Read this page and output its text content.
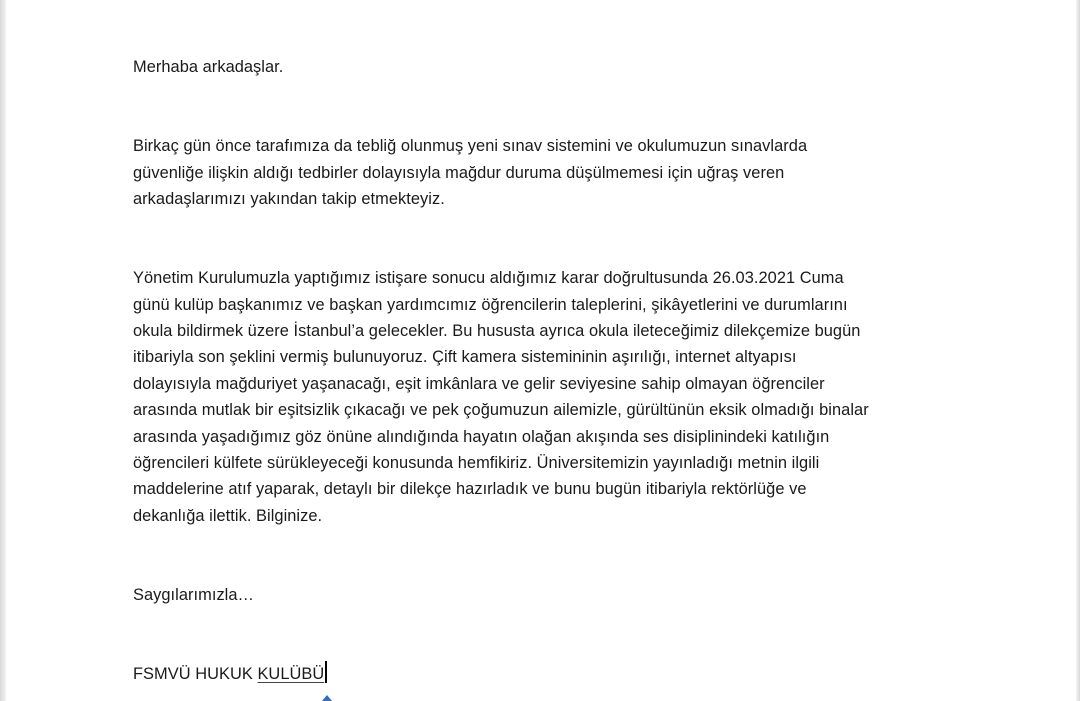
Merhaba arkadaşlar.

Birkaç gün önce tarafımıza da tebliğ olunmuş yeni sınav sistemini ve okulumuzun sınavlarda
güvenliğe ilişkin aldığı tedbirler dolayısıyla mağdur duruma düşülmemesi için uğraş veren
arkadaşlarımızı yakından takip etmekteyiz.

Yönetim Kurulumuzla yaptığımız istişare sonucu aldığımız karar doğrultusunda 26.03.2021 Cuma
günü kulüp başkanımız ve başkan yardımcımız öğrencilerin taleplerini, şikâyetlerini ve durumlarını
okula bildirmek üzere İstanbul’a gelecekler. Bu hususta ayrıca okula ileteceğimiz dilekçemize bugün
itibariyla son şeklini vermiş bulunuyoruz. Çift kamera sistemininin aşırılığı, internet altyapısı
dolayısıyla mağduriyet yaşanacağı, eşit imkânlara ve gelir seviyesine sahip olmayan öğrenciler
arasında mutlak bir eşitsizlik çıkacağı ve pek çoğumuzun ailemizle, gürültünün eksik olmadığı binalar
arasında yaşadığımız göz önüne alındığında hayatın olağan akışında ses disiplinindeki katılığın
öğrencileri külfete sürükleyeceği konusunda hemfikiriz. Üniversitemizin yayınladığı metnin ilgili
maddelerine atıf yaparak, detaylı bir dilekçe hazırladık ve bunu bugün itibariyla rektörlüğe ve
dekanlığa ilettik. Bilginize.

Saygılarımızla…

FSMVÜ HUKUK KULÜBÜ
